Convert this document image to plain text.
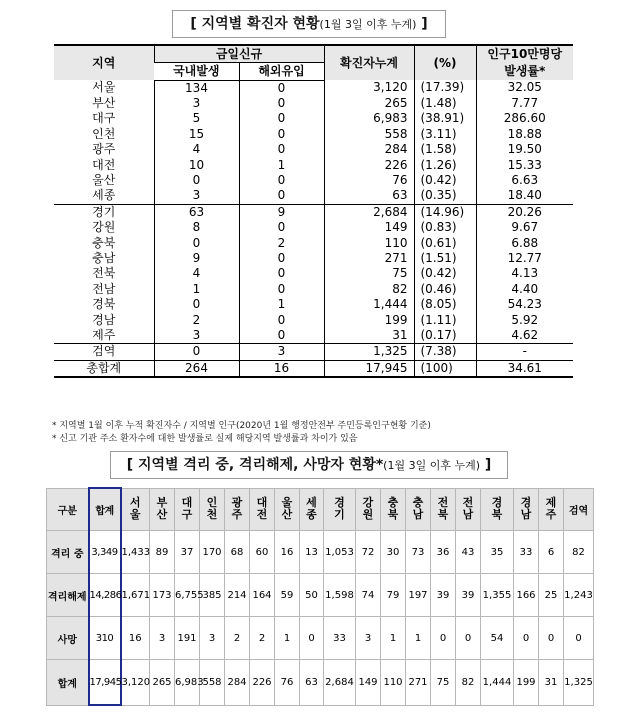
[ 지역별 확진자 현황(1월 3일 이후 누계) ]
지역	금일신규		확진자누계	(%)	인구10만명당
발생률*
	국내발생	해외유입			
서울	134	0	3,120	(17.39)	32.05
부산	3	0	265	(1.48)	7.77
대구	5	0	6,983	(38.91)	286.60
인천	15	0	558	(3.11)	18.88
광주	4	0	284	(1.58)	19.50
대전	10	1	226	(1.26)	15.33
울산	0	0	76	(0.42)	6.63
세종	3	0	63	(0.35)	18.40
경기	63	9	2,684	(14.96)	20.26
강원	8	0	149	(0.83)	9.67
충북	0	2	110	(0.61)	6.88
충남	9	0	271	(1.51)	12.77
전북	4	0	75	(0.42)	4.13
전남	1	0	82	(0.46)	4.40
경북	0	1	1,444	(8.05)	54.23
경남	2	0	199	(1.11)	5.92
제주	3	0	31	(0.17)	4.62
검역	0	3	1,325	(7.38)	-
총합계	264	16	17,945	(100)	34.61
* 지역별 1월 이후 누적 확진자수 / 지역별 인구(2020년 1월 행정안전부 주민등록인구현황 기준)
* 신고 기관 주소 환자수에 대한 발생률로 실제 해당지역 발생률과 차이가 있음
[ 지역별 격리 중, 격리해제, 사망자 현황*(1월 3일 이후 누계) ]
구분	합계	서울	부산	대구	인천	광주	대전	울산	세종	경기	강원	충북	충남	전북	전남	경북	경남	제주	검역
격리 중	3,349	1,433	89	37	170	68	60	16	13	1,053	72	30	73	36	43	35	33	6	82
격리해제	14,286	1,671	173	6,755	385	214	164	59	50	1,598	74	79	197	39	39	1,355	166	25	1,243
사망	310	16	3	191	3	2	2	1	0	33	3	1	1	0	0	54	0	0	0
합계	17,945	3,120	265	6,983	558	284	226	76	63	2,684	149	110	271	75	82	1,444	199	31	1,325
